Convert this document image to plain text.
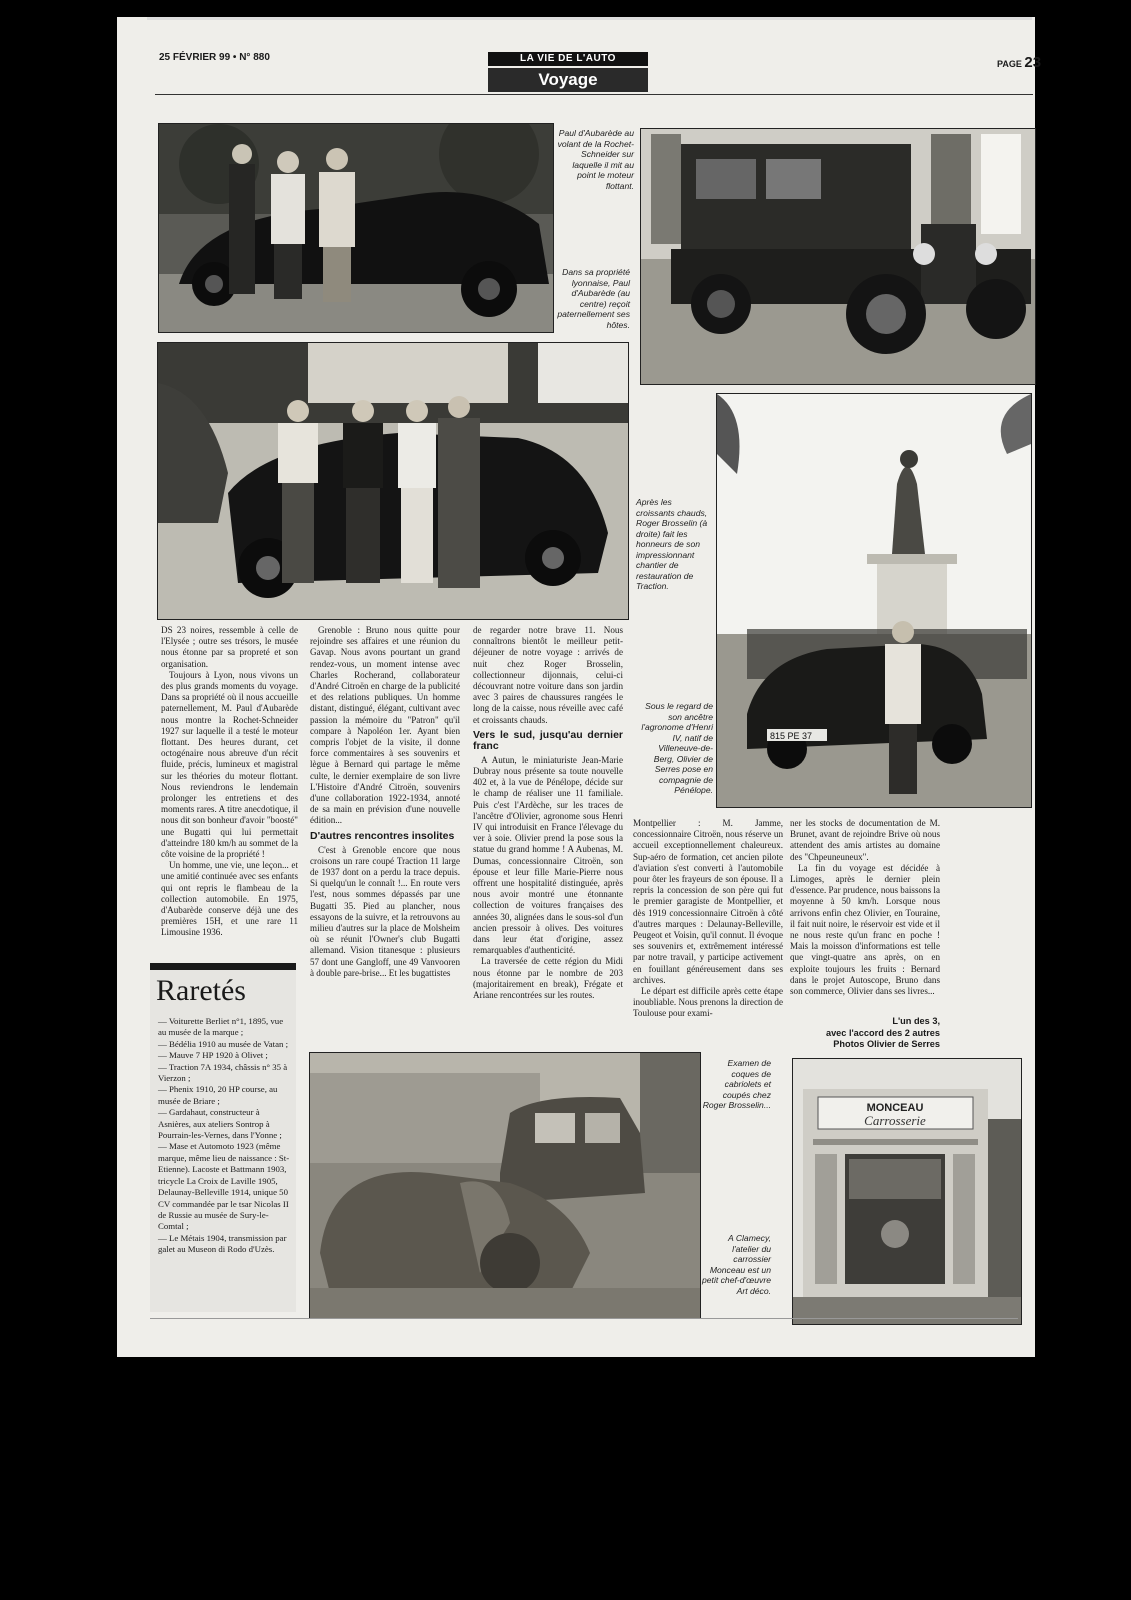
25 FÉVRIER 99 • N° 880	LA VIE DE L'AUTO
Voyage
PAGE 23
Paul d'Aubarède au volant de la Rochet-Schneider sur laquelle il mit au point le moteur flottant.
Dans sa propriété lyonnaise, Paul d'Aubarède (au centre) reçoit paternellement ses hôtes.
Après les croissants chauds, Roger Brosselin (à droite) fait les honneurs de son impressionnant chantier de restauration de Traction.
815 PE 37
Sous le regard de son ancêtre l'agronome d'Henri IV, natif de Villeneuve-de-Berg, Olivier de Serres pose en compagnie de Pénélope.

DS 23 noires, ressemble à celle de l'Elysée ; outre ses trésors, le musée nous étonne par sa propreté et son organisation.

Toujours à Lyon, nous vivons un des plus grands moments du voyage. Dans sa propriété où il nous accueille paternellement, M. Paul d'Aubarède nous montre la Rochet-Schneider 1927 sur laquelle il a testé le moteur flottant. Des heures durant, cet octogénaire nous abreuve d'un récit fluide, précis, lumineux et magistral sur les théories du moteur flottant. Nous reviendrons le lendemain prolonger les entretiens et des moments rares. A titre anecdotique, il nous dit son bonheur d'avoir "boosté" une Bugatti qui lui permettait d'atteindre 180 km/h au sommet de la côte voisine de la propriété !

Un homme, une vie, une leçon... et une amitié continuée avec ses enfants qui ont repris le flambeau de la collection automobile. En 1975, d'Aubarède conserve déjà une des premières 15H, et une rare 11 Limousine 1936.

Grenoble : Bruno nous quitte pour rejoindre ses affaires et une réunion du Gavap. Nous avons pourtant un grand rendez-vous, un moment intense avec Charles Rocherand, collaborateur d'André Citroën en charge de la publicité et des relations publiques. Un homme distant, distingué, élégant, cultivant avec passion la mémoire du "Patron" qu'il compare à Napoléon 1er. Ayant bien compris l'objet de la visite, il donne force commentaires à ses souvenirs et lègue à Bernard qui partage le même culte, le dernier exemplaire de son livre L'Histoire d'André Citroën, souvenirs d'une collaboration 1922-1934, annoté de sa main en prévision d'une nouvelle édition...

D'autres rencontres insolites

C'est à Grenoble encore que nous croisons un rare coupé Traction 11 large de 1937 dont on a perdu la trace depuis. Si quelqu'un le connaît !... En route vers l'est, nous sommes dépassés par une Bugatti 35. Pied au plancher, nous essayons de la suivre, et la retrouvons au milieu d'autres sur la place de Molsheim où se réunit l'Owner's club Bugatti allemand. Vision titanesque : plusieurs 57 dont une Gangloff, une 49 Vanvooren à double pare-brise... Et les bugattistes

de regarder notre brave 11. Nous connaîtrons bientôt le meilleur petit-déjeuner de notre voyage : arrivés de nuit chez Roger Brosselin, collectionneur dijonnais, celui-ci découvrant notre voiture dans son jardin avec 3 paires de chaussures rangées le long de la caisse, nous réveille avec café et croissants chauds.

Vers le sud, jusqu'au dernier franc

A Autun, le miniaturiste Jean-Marie Dubray nous présente sa toute nouvelle 402 et, à la vue de Pénélope, décide sur le champ de réaliser une 11 familiale. Puis c'est l'Ardèche, sur les traces de l'ancêtre d'Olivier, agronome sous Henri IV qui introduisit en France l'élevage du ver à soie. Olivier prend la pose sous la statue du grand homme ! A Aubenas, M. Dumas, concessionnaire Citroën, son épouse et leur fille Marie-Pierre nous offrent une hospitalité distinguée, après nous avoir montré une étonnante collection de voitures françaises des années 30, alignées dans le sous-sol d'un ancien pressoir à olives. Des voitures dans leur état d'origine, assez remarquables d'authenticité.

La traversée de cette région du Midi nous étonne par le nombre de 203 (majoritairement en break), Frégate et Ariane rencontrées sur les routes.

Montpellier : M. Jamme, concessionnaire Citroën, nous réserve un accueil exceptionnellement chaleureux. Sup-aéro de formation, cet ancien pilote d'aviation s'est converti à l'automobile pour ôter les frayeurs de son épouse. Il a repris la concession de son père qui fut le premier garagiste de Montpellier, et dès 1919 concessionnaire Citroën à côté d'autres marques : Delaunay-Belleville, Peugeot et Voisin, qu'il connut. Il évoque ses souvenirs et, extrêmement intéressé par notre travail, y participe activement en fouillant généreusement dans ses archives.

Le départ est difficile après cette étape inoubliable. Nous prenons la direction de Toulouse pour exami-

ner les stocks de documentation de M. Brunet, avant de rejoindre Brive où nous attendent des amis artistes au domaine des "Chpeuneuneux".

La fin du voyage est décidée à Limoges, après le dernier plein d'essence. Par prudence, nous baissons la moyenne à 50 km/h. Lorsque nous arrivons enfin chez Olivier, en Touraine, il fait nuit noire, le réservoir est vide et il ne nous reste qu'un franc en poche ! Mais la moisson d'informations est telle que vingt-quatre ans après, on en exploite toujours les fruits : Bernard dans le projet Autoscope, Bruno dans son commerce, Olivier dans ses livres...

L'un des 3,
avec l'accord des 2 autres
Photos Olivier de Serres
Raretés
— Voiturette Berliet n°1, 1895, vue au musée de la marque ;
— Bédélia 1910 au musée de Vatan ;
— Mauve 7 HP 1920 à Olivet ;
— Traction 7A 1934, châssis n° 35 à Vierzon ;
— Phenix 1910, 20 HP course, au musée de Briare ;
— Gardahaut, constructeur à Asnières, aux ateliers Sontrop à Pourrain-les-Vernes, dans l'Yonne ;
— Mase et Automoto 1923 (même marque, même lieu de naissance : St-Etienne). Lacoste et Battmann 1903, tricycle La Croix de Laville 1905, Delaunay-Belleville 1914, unique 50 CV commandée par le tsar Nicolas II de Russie au musée de Sury-le-Comtal ;
— Le Métais 1904, transmission par galet au Museon di Rodo d'Uzès.
Examen de coques de cabriolets et coupés chez Roger Brosselin...
A Clamecy, l'atelier du carrossier Monceau est un petit chef-d'œuvre Art déco.
MONCEAU
Carrosserie
